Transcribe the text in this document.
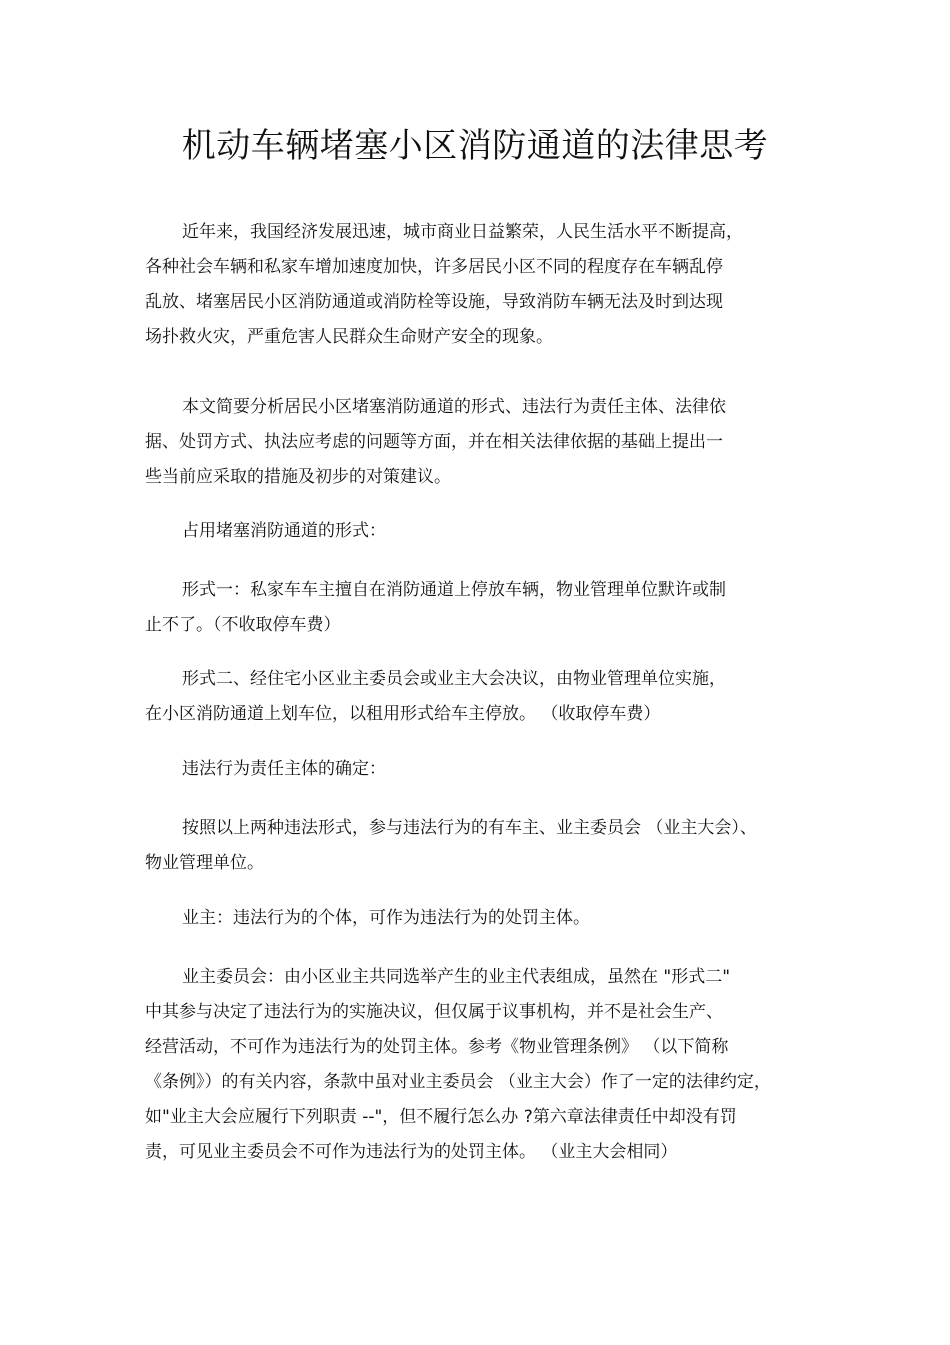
机动车辆堵塞小区消防通道的法律思考

近年来，我国经济发展迅速，城市商业日益繁荣，人民生活水平不断提高，
各种社会车辆和私家车增加速度加快，许多居民小区不同的程度存在车辆乱停
乱放、堵塞居民小区消防通道或消防栓等设施，导致消防车辆无法及时到达现
场扑救火灾，严重危害人民群众生命财产安全的现象。

本文简要分析居民小区堵塞消防通道的形式、违法行为责任主体、法律依
据、处罚方式、执法应考虑的问题等方面，并在相关法律依据的基础上提出一
些当前应采取的措施及初步的对策建议。

占用堵塞消防通道的形式：

形式一：私家车车主擅自在消防通道上停放车辆，物业管理单位默许或制
止不了。（不收取停车费）

形式二、经住宅小区业主委员会或业主大会决议，由物业管理单位实施，
在小区消防通道上划车位，以租用形式给车主停放。 （收取停车费）

违法行为责任主体的确定：

按照以上两种违法形式，参与违法行为的有车主、业主委员会 （业主大会）、
物业管理单位。

业主：违法行为的个体，可作为违法行为的处罚主体。

业主委员会：由小区业主共同选举产生的业主代表组成，虽然在 "形式二"
中其参与决定了违法行为的实施决议，但仅属于议事机构，并不是社会生产、
经营活动，不可作为违法行为的处罚主体。参考《物业管理条例》 （以下简称
《条例》）的有关内容，条款中虽对业主委员会 （业主大会）作了一定的法律约定，
如"业主大会应履行下列职责 --"，但不履行怎么办 ?第六章法律责任中却没有罚
责，可见业主委员会不可作为违法行为的处罚主体。 （业主大会相同）
